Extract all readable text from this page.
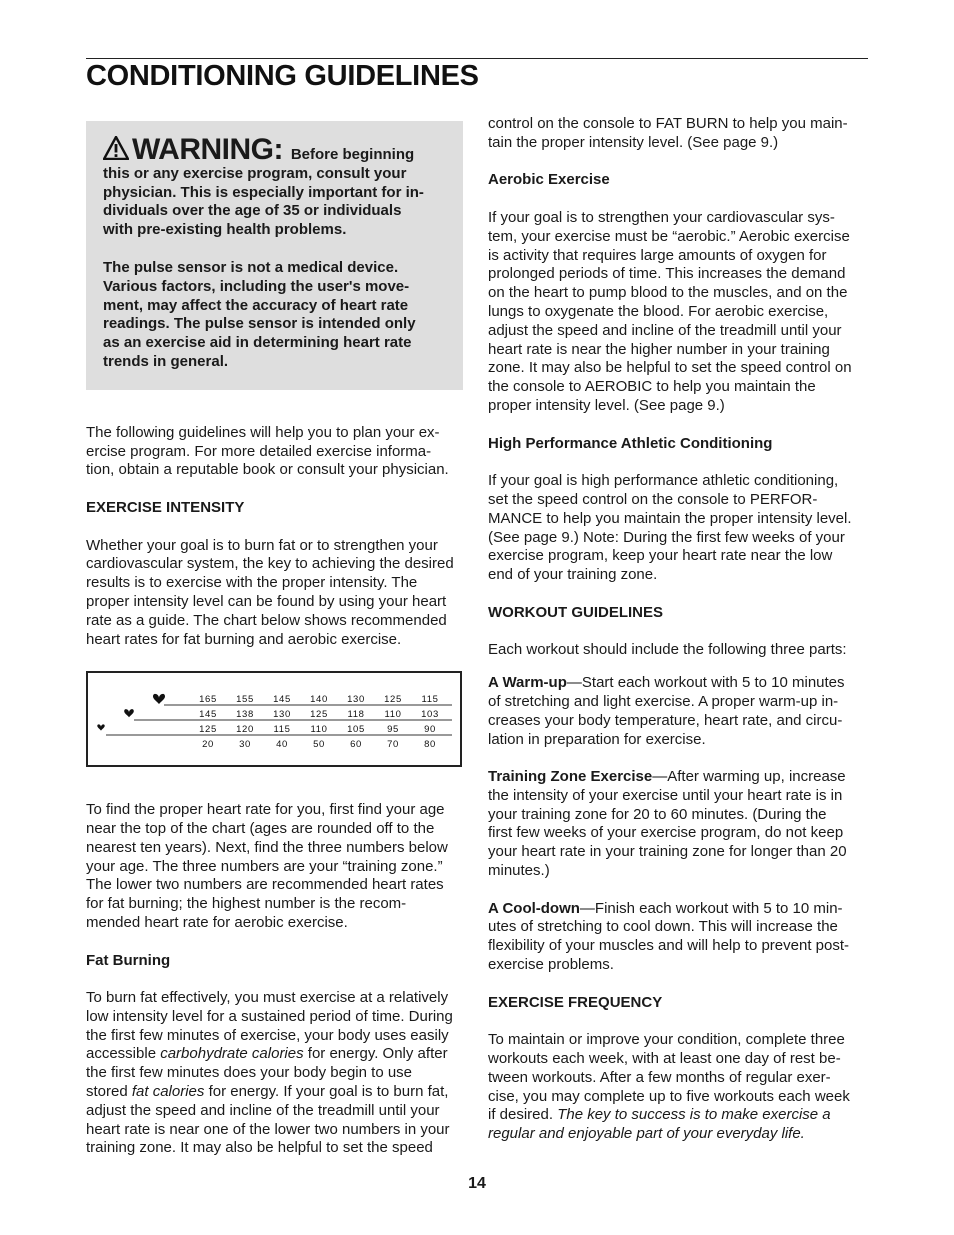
CONDITIONING GUIDELINES

WARNING: Before beginning
this or any exercise program, consult your
physician. This is especially important for in-
dividuals over the age of 35 or individuals
with pre-existing health problems.

The pulse sensor is not a medical device.
Various factors, including the user's move-
ment, may affect the accuracy of heart rate
readings. The pulse sensor is intended only
as an exercise aid in determining heart rate
trends in general.

The following guidelines will help you to plan your ex-
ercise program. For more detailed exercise informa-
tion, obtain a reputable book or consult your physician.

EXERCISE INTENSITY

Whether your goal is to burn fat or to strengthen your
cardiovascular system, the key to achieving the desired
results is to exercise with the proper intensity. The
proper intensity level can be found by using your heart
rate as a guide. The chart below shows recommended
heart rates for fat burning and aerobic exercise.

165 155 145 140 130 125 115
145 138 130 125 118 110 103
125 120 115 110 105 95	90
20	30	40	50	60	70	80

To find the proper heart rate for you, first find your age
near the top of the chart (ages are rounded off to the
nearest ten years). Next, find the three numbers below
your age. The three numbers are your “training zone.”
The lower two numbers are recommended heart rates
for fat burning; the highest number is the recom-
mended heart rate for aerobic exercise.

Fat Burning

To burn fat effectively, you must exercise at a relatively
low intensity level for a sustained period of time. During
the first few minutes of exercise, your body uses easily
accessible carbohydrate calories for energy. Only after
the first few minutes does your body begin to use
stored fat calories for energy. If your goal is to burn fat,
adjust the speed and incline of the treadmill until your
heart rate is near one of the lower two numbers in your
training zone. It may also be helpful to set the speed

control on the console to FAT BURN to help you main-
tain the proper intensity level. (See page 9.)

Aerobic Exercise

If your goal is to strengthen your cardiovascular sys-
tem, your exercise must be “aerobic.” Aerobic exercise
is activity that requires large amounts of oxygen for
prolonged periods of time. This increases the demand
on the heart to pump blood to the muscles, and on the
lungs to oxygenate the blood. For aerobic exercise,
adjust the speed and incline of the treadmill until your
heart rate is near the higher number in your training
zone. It may also be helpful to set the speed control on
the console to AEROBIC to help you maintain the
proper intensity level. (See page 9.)

High Performance Athletic Conditioning

If your goal is high performance athletic conditioning,
set the speed control on the console to PERFOR-
MANCE to help you maintain the proper intensity level.
(See page 9.) Note: During the first few weeks of your
exercise program, keep your heart rate near the low
end of your training zone.

WORKOUT GUIDELINES

Each workout should include the following three parts:

A Warm-up—Start each workout with 5 to 10 minutes
of stretching and light exercise. A proper warm-up in-
creases your body temperature, heart rate, and circu-
lation in preparation for exercise.

Training Zone Exercise—After warming up, increase
the intensity of your exercise until your heart rate is in
your training zone for 20 to 60 minutes. (During the
first few weeks of your exercise program, do not keep
your heart rate in your training zone for longer than 20
minutes.)

A Cool-down—Finish each workout with 5 to 10 min-
utes of stretching to cool down. This will increase the
flexibility of your muscles and will help to prevent post-
exercise problems.

EXERCISE FREQUENCY

To maintain or improve your condition, complete three
workouts each week, with at least one day of rest be-
tween workouts. After a few months of regular exer-
cise, you may complete up to five workouts each week
if desired. The key to success is to make exercise a
regular and enjoyable part of your everyday life.

14
